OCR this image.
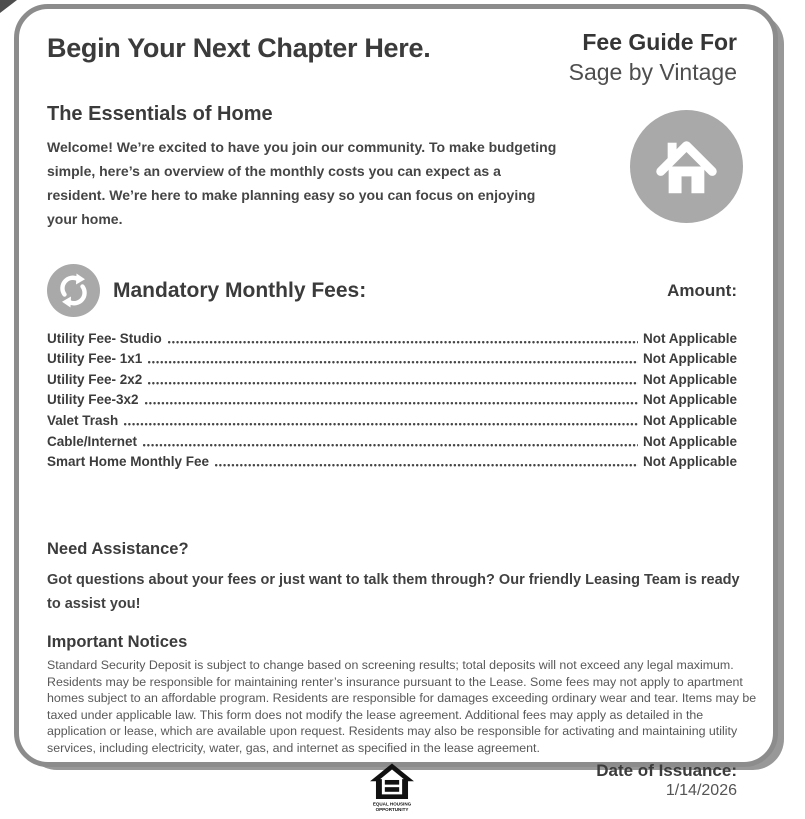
Begin Your Next Chapter Here.	Fee Guide For
Sage by Vintage
The Essentials of Home
Welcome! We’re excited to have you join our community. To make budgeting simple, here’s an overview of the monthly costs you can expect as a resident. We’re here to make planning easy so you can focus on enjoying your home.
Mandatory Monthly Fees:	Amount:
Utility Fee- Studio	Not Applicable
Utility Fee- 1x1	Not Applicable
Utility Fee- 2x2	Not Applicable
Utility Fee-3x2	Not Applicable
Valet Trash	Not Applicable
Cable/Internet	Not Applicable
Smart Home Monthly Fee	Not Applicable
Need Assistance?
Got questions about your fees or just want to talk them through? Our friendly Leasing Team is ready to assist you!
Important Notices
Standard Security Deposit is subject to change based on screening results; total deposits will not exceed any legal maximum. Residents may be responsible for maintaining renter’s insurance pursuant to the Lease. Some fees may not apply to apartment homes subject to an affordable program. Residents are responsible for damages exceeding ordinary wear and tear. Items may be taxed under applicable law. This form does not modify the lease agreement. Additional fees may apply as detailed in the application or lease, which are available upon request. Residents may also be responsible for activating and maintaining utility services, including electricity, water, gas, and internet as specified in the lease agreement.
EQUAL HOUSING
OPPORTUNITY
Date of Issuance:
1/14/2026
